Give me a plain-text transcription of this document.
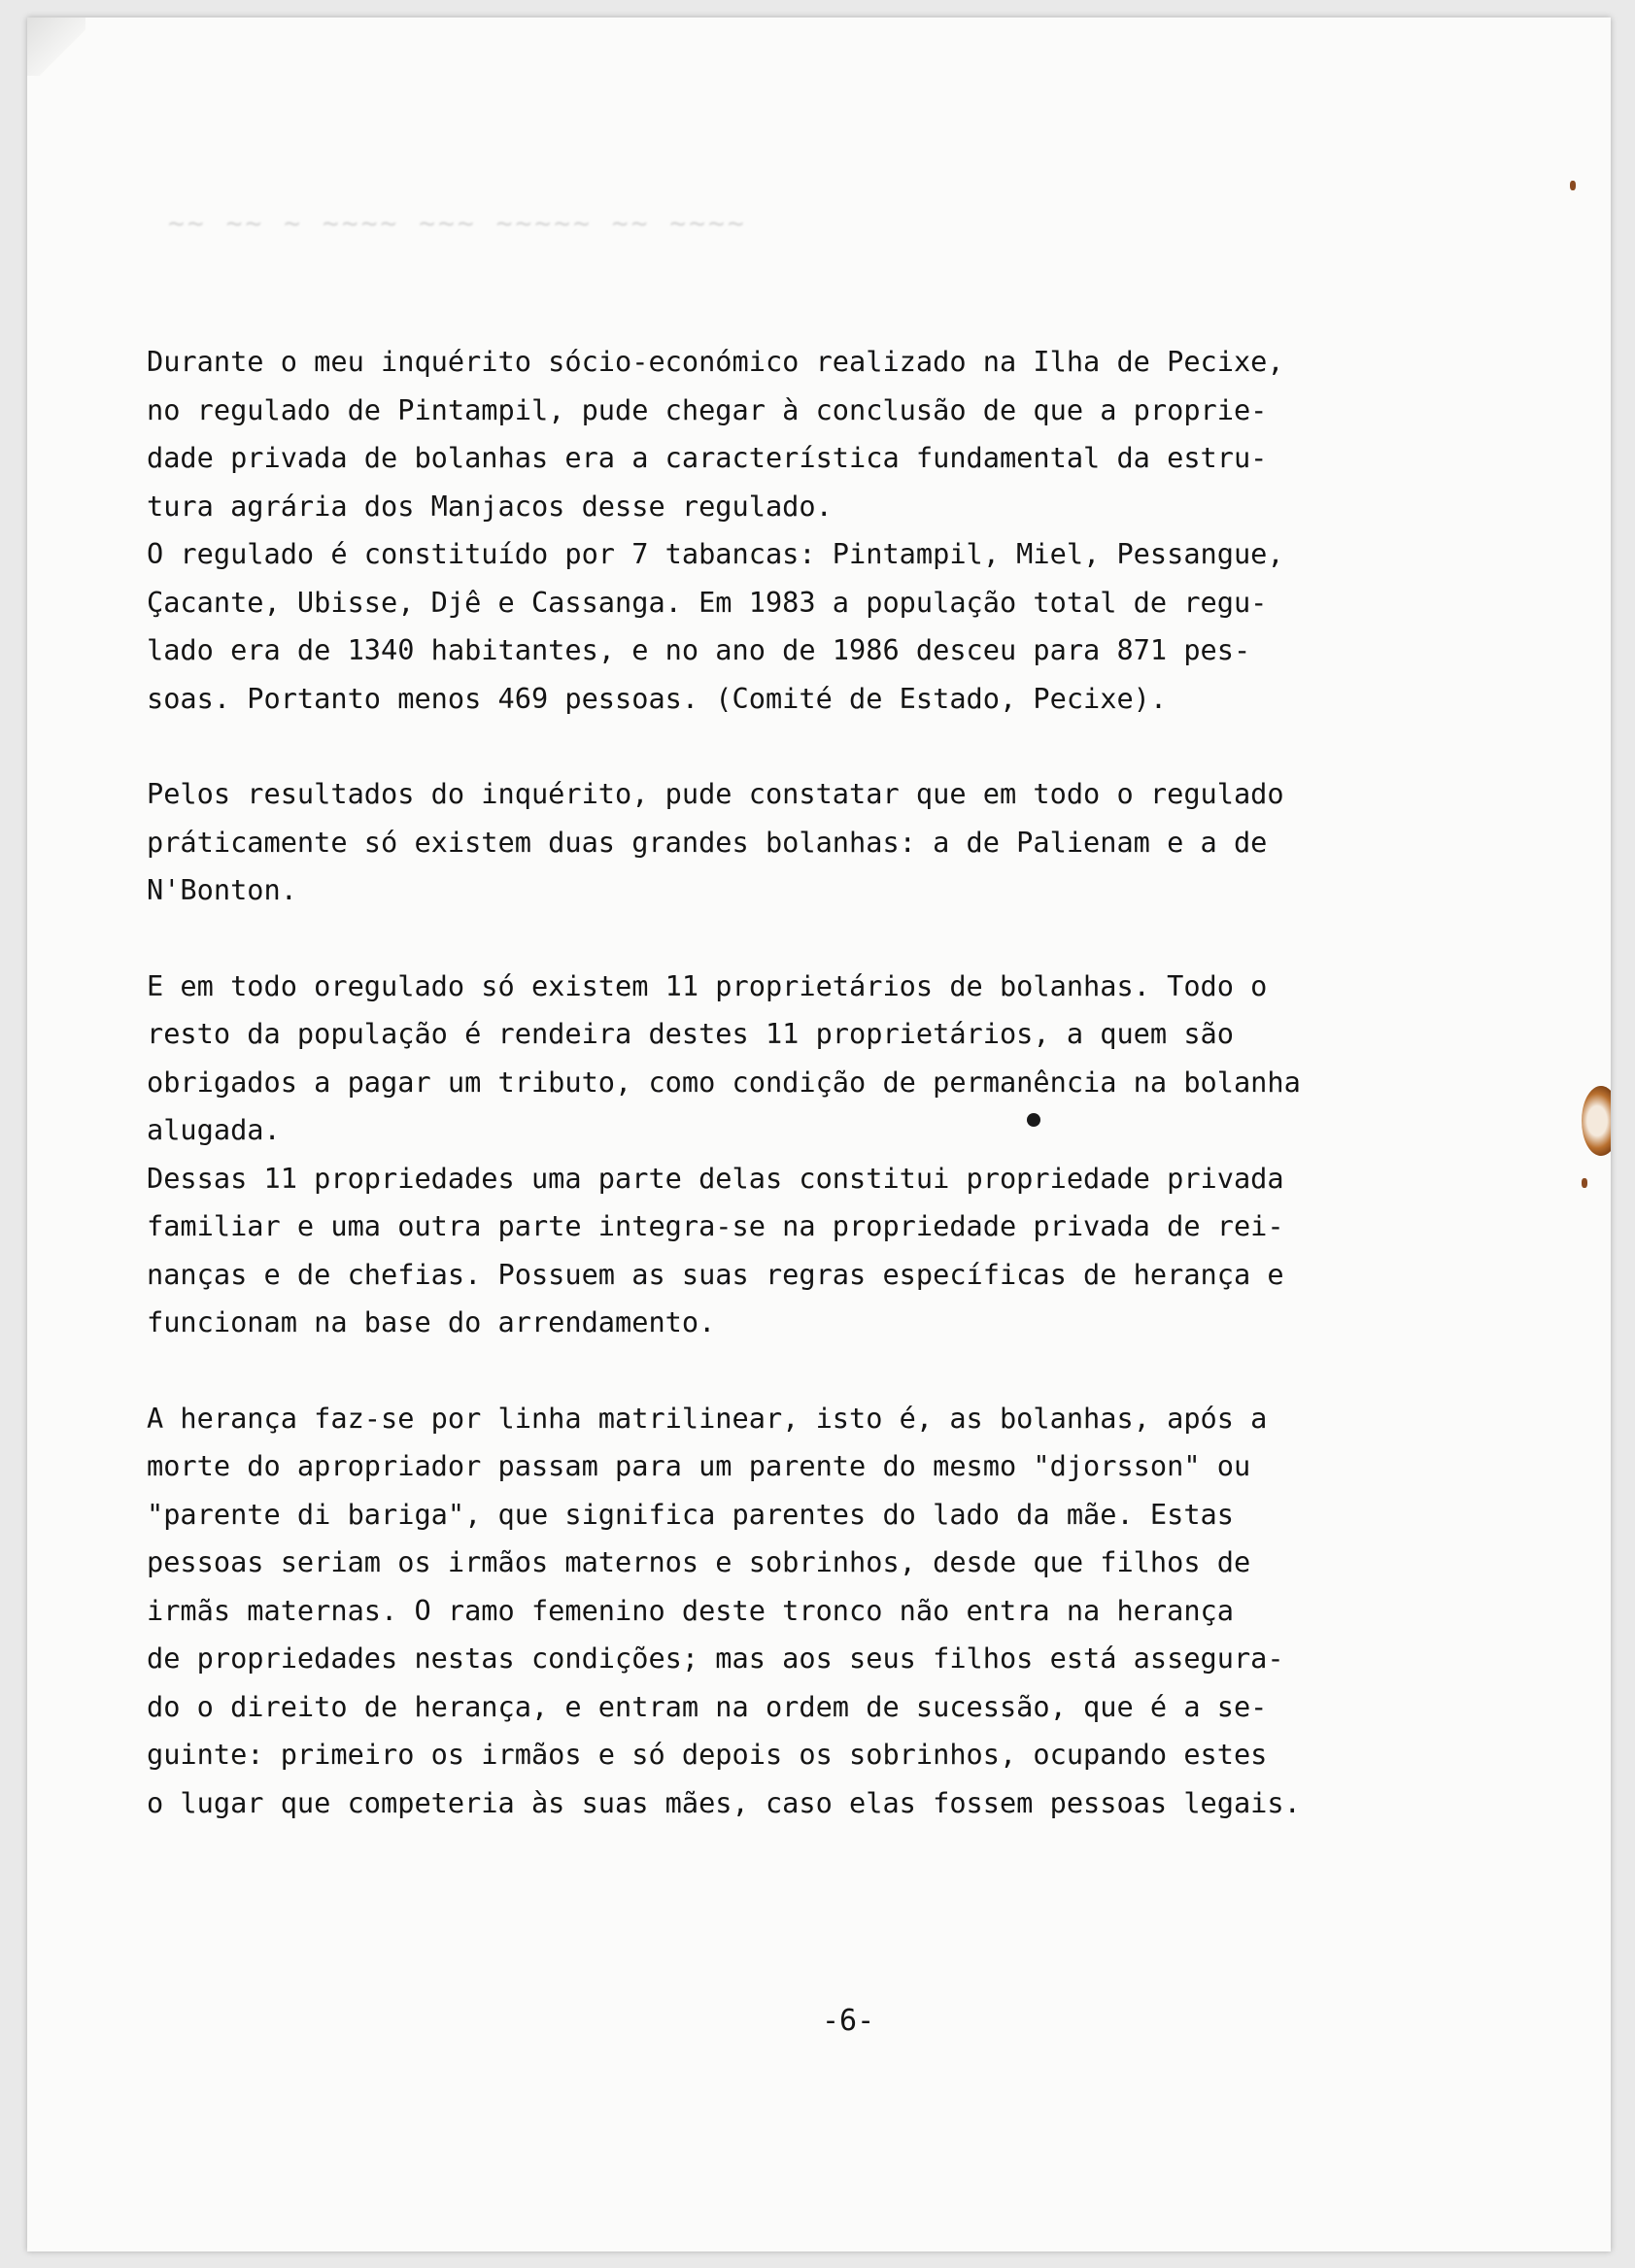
~~ ~~ ~ ~~~~ ~~~ ~~~~~ ~~ ~~~~

Durante o meu inquérito sócio-económico realizado na Ilha de Pecixe,
no regulado de Pintampil, pude chegar à conclusão de que a proprie-
dade privada de bolanhas era a característica fundamental da estru-
tura agrária dos Manjacos desse regulado.

O regulado é constituído por 7 tabancas: Pintampil, Miel, Pessangue,
Çacante, Ubisse, Djê e Cassanga. Em 1983 a população total de regu-
lado era de 1340 habitantes, e no ano de 1986 desceu para 871 pes-
soas. Portanto menos 469 pessoas. (Comité de Estado, Pecixe).

Pelos resultados do inquérito, pude constatar que em todo o regulado
práticamente só existem duas grandes bolanhas: a de Palienam e a de
N'Bonton.

E em todo oregulado só existem 11 proprietários de bolanhas. Todo o
resto da população é rendeira destes 11 proprietários, a quem são
obrigados a pagar um tributo, como condição de permanência na bolanha
alugada.

Dessas 11 propriedades uma parte delas constitui propriedade privada
familiar e uma outra parte integra-se na propriedade privada de rei-
nanças e de chefias. Possuem as suas regras específicas de herança e
funcionam na base do arrendamento.

A herança faz-se por linha matrilinear, isto é, as bolanhas, após a
morte do apropriador passam para um parente do mesmo "djorsson" ou
"parente di bariga", que significa parentes do lado da mãe. Estas
pessoas seriam os irmãos maternos e sobrinhos, desde que filhos de
irmãs maternas. O ramo femenino deste tronco não entra na herança
de propriedades nestas condições; mas aos seus filhos está assegura-
do o direito de herança, e entram na ordem de sucessão, que é a se-
guinte: primeiro os irmãos e só depois os sobrinhos, ocupando estes
o lugar que competeria às suas mães, caso elas fossem pessoas legais.

-6-
